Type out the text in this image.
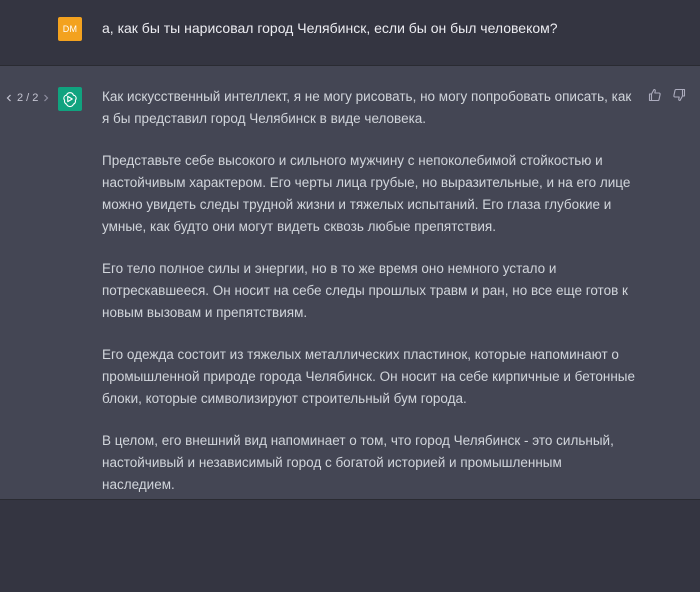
DM	а, как бы ты нарисовал город Челябинск, если бы он был человеком?
2 / 2	Как искусственный интеллект, я не могу рисовать, но могу попробовать описать, как я бы представил город Челябинск в виде человека.

Представьте себе высокого и сильного мужчину с непоколебимой стойкостью и настойчивым характером. Его черты лица грубые, но выразительные, и на его лице можно увидеть следы трудной жизни и тяжелых испытаний. Его глаза глубокие и умные, как будто они могут видеть сквозь любые препятствия.

Его тело полное силы и энергии, но в то же время оно немного устало и потрескавшееся. Он носит на себе следы прошлых травм и ран, но все еще готов к новым вызовам и препятствиям.

Его одежда состоит из тяжелых металлических пластинок, которые напоминают о промышленной природе города Челябинск. Он носит на себе кирпичные и бетонные блоки, которые символизируют строительный бум города.

В целом, его внешний вид напоминает о том, что город Челябинск - это сильный, настойчивый и независимый город с богатой историей и промышленным наследием.
